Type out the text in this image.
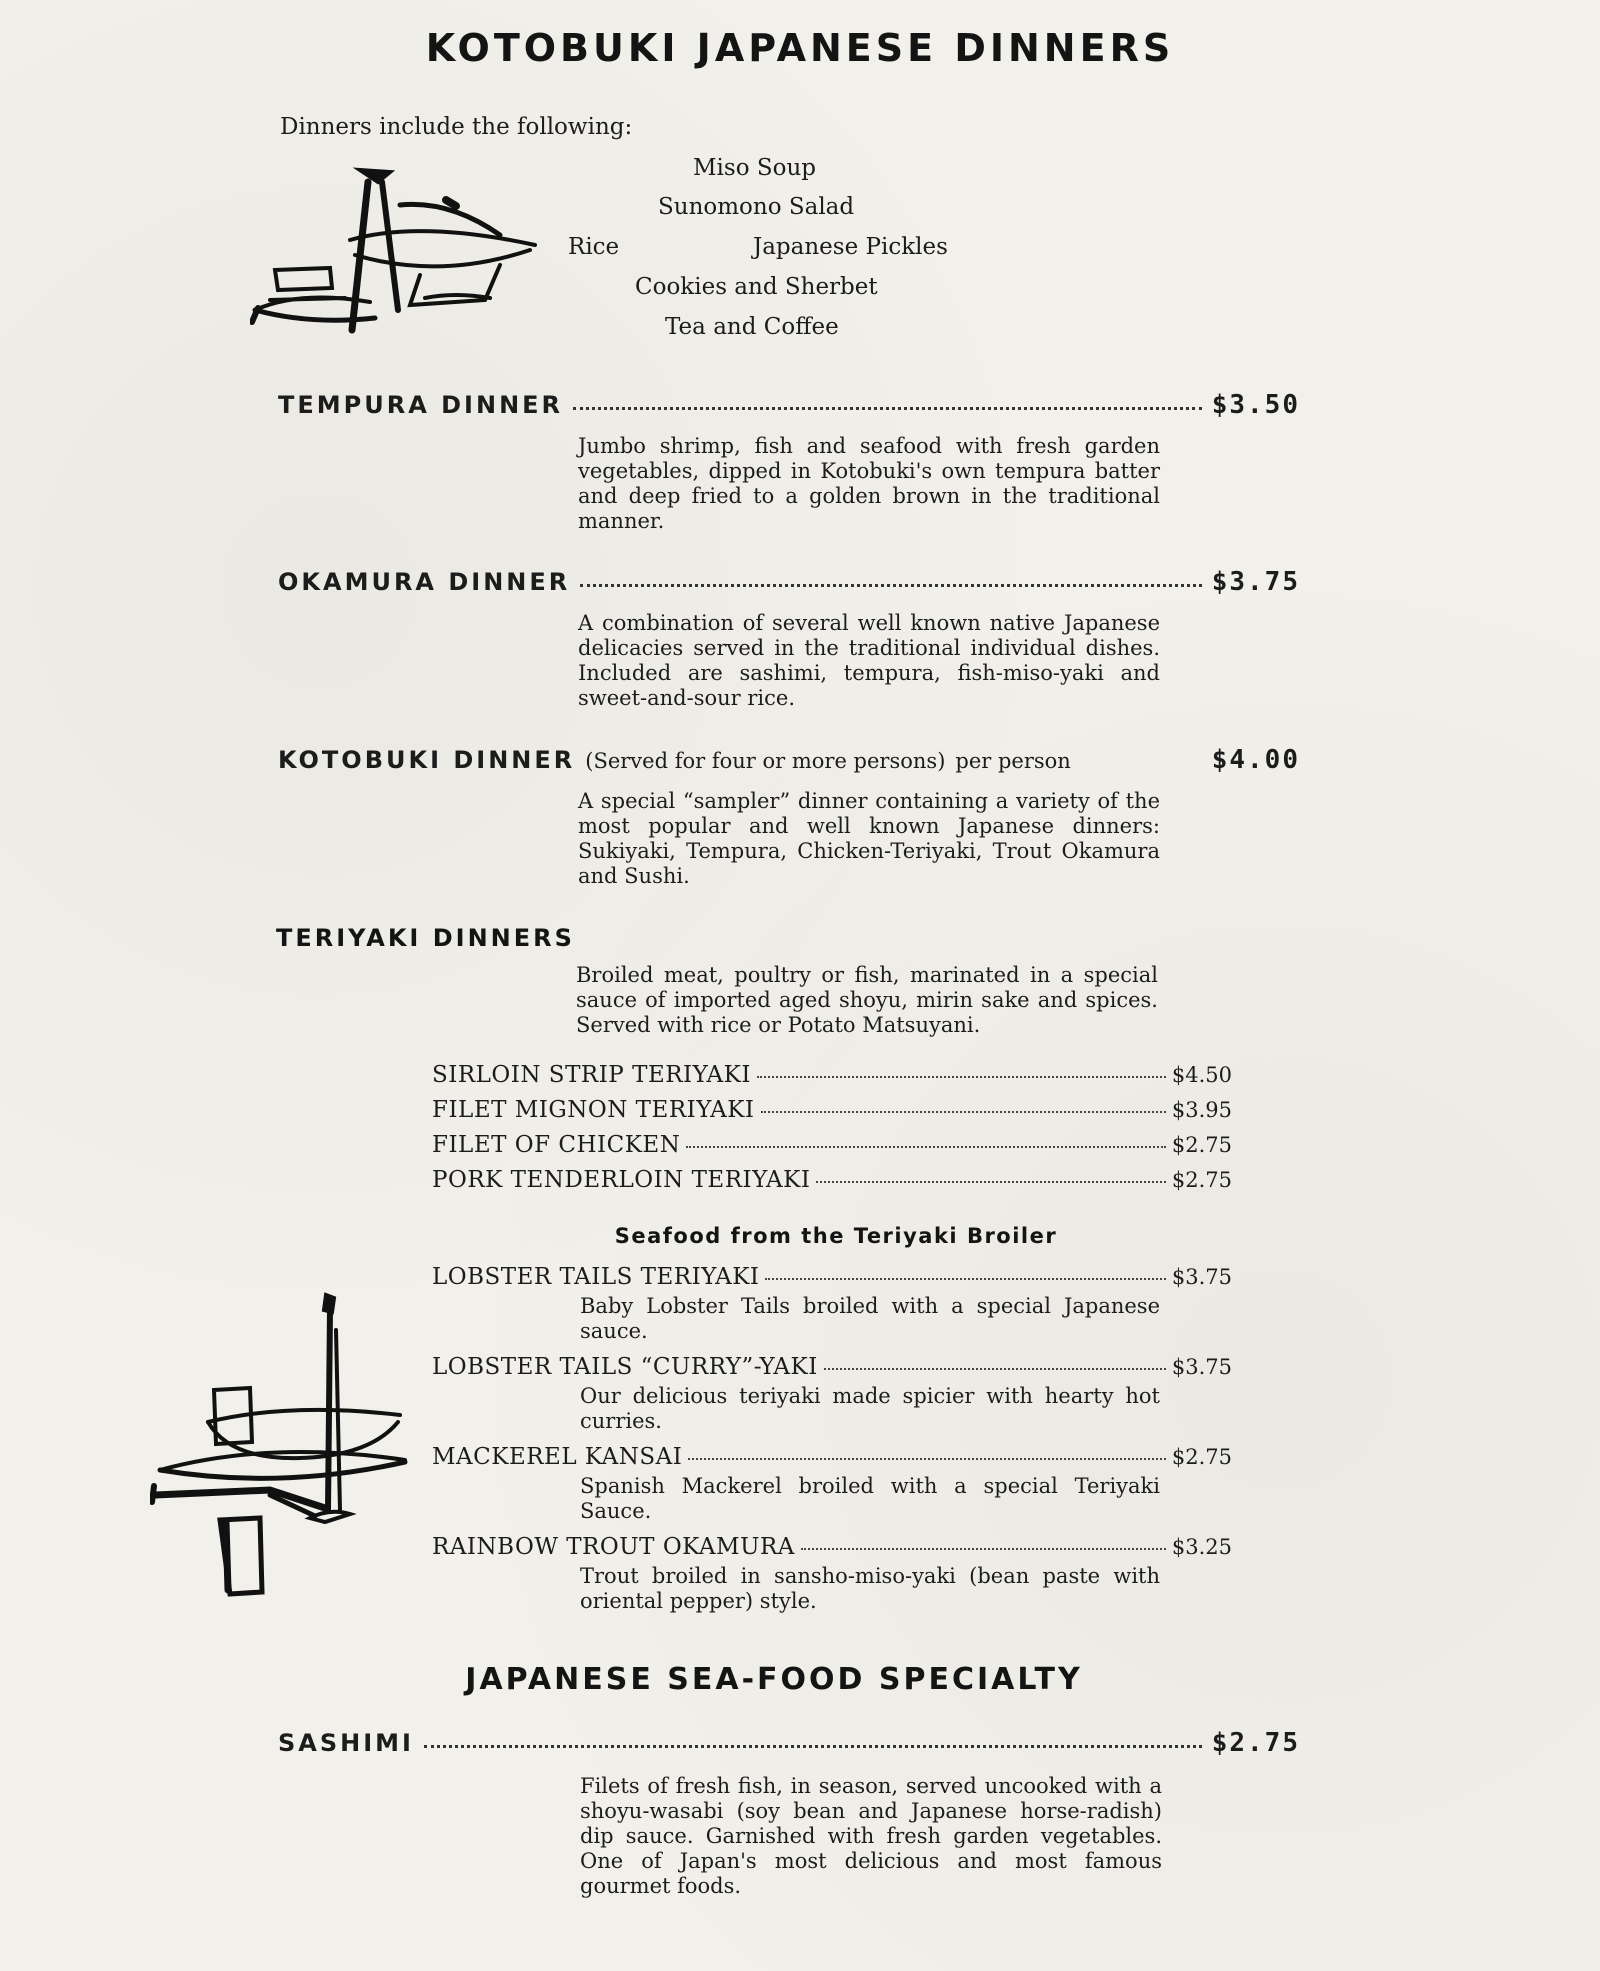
KOTOBUKI JAPANESE DINNERS
Dinners include the following:
Miso Soup
Sunomono Salad
Rice	Japanese Pickles
Cookies and Sherbet
Tea and Coffee
TEMPURA DINNER	$3.50
Jumbo shrimp, fish and seafood with fresh garden vegetables, dipped in Kotobuki's own tempura batter and deep fried to a golden brown in the traditional manner.
OKAMURA DINNER	$3.75
A combination of several well known native Japanese delicacies served in the traditional individual dishes. Included are sashimi, tempura, fish-miso-yaki and sweet-and-sour rice.
KOTOBUKI DINNER (Served for four or more persons) per person	$4.00
A special “sampler” dinner containing a variety of the most popular and well known Japanese dinners: Sukiyaki, Tempura, Chicken-Teriyaki, Trout Okamura and Sushi.
TERIYAKI DINNERS
Broiled meat, poultry or fish, marinated in a special sauce of imported aged shoyu, mirin sake and spices. Served with rice or Potato Matsuyani.
SIRLOIN STRIP TERIYAKI	$4.50
FILET MIGNON TERIYAKI	$3.95
FILET OF CHICKEN	$2.75
PORK TENDERLOIN TERIYAKI	$2.75
Seafood from the Teriyaki Broiler
LOBSTER TAILS TERIYAKI	$3.75
Baby Lobster Tails broiled with a special Japanese sauce.
LOBSTER TAILS “CURRY”-YAKI	$3.75
Our delicious teriyaki made spicier with hearty hot curries.
MACKEREL KANSAI	$2.75
Spanish Mackerel broiled with a special Teriyaki Sauce.
RAINBOW TROUT OKAMURA	$3.25
Trout broiled in sansho-miso-yaki (bean paste with oriental pepper) style.
JAPANESE SEA-FOOD SPECIALTY
SASHIMI	$2.75
Filets of fresh fish, in season, served uncooked with a shoyu-wasabi (soy bean and Japanese horse-radish) dip sauce. Garnished with fresh garden vegetables. One of Japan's most delicious and most famous gourmet foods.
